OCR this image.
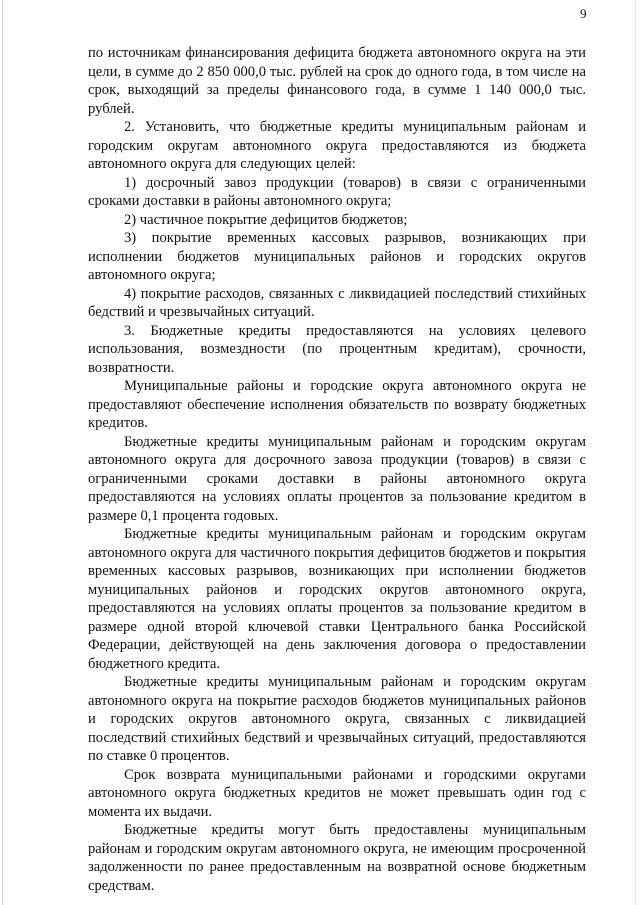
9

по источникам финансирования дефицита бюджета автономного округа на эти цели, в сумме до 2 850 000,0 тыс. рублей на срок до одного года, в том числе на срок, выходящий за пределы финансового года, в сумме 1 140 000,0 тыс. рублей.

2. Установить, что бюджетные кредиты муниципальным районам и городским округам автономного округа предоставляются из бюджета автономного округа для следующих целей:

1) досрочный завоз продукции (товаров) в связи с ограниченными сроками доставки в районы автономного округа;

2) частичное покрытие дефицитов бюджетов;

3) покрытие временных кассовых разрывов, возникающих при исполнении бюджетов муниципальных районов и городских округов автономного округа;

4) покрытие расходов, связанных с ликвидацией последствий стихийных бедствий и чрезвычайных ситуаций.

3. Бюджетные кредиты предоставляются на условиях целевого использования, возмездности (по процентным кредитам), срочности, возвратности.

Муниципальные районы и городские округа автономного округа не предоставляют обеспечение исполнения обязательств по возврату бюджетных кредитов.

Бюджетные кредиты муниципальным районам и городским округам автономного округа для досрочного завоза продукции (товаров) в связи с ограниченными сроками доставки в районы автономного округа предоставляются на условиях оплаты процентов за пользование кредитом в размере 0,1 процента годовых.

Бюджетные кредиты муниципальным районам и городским округам автономного округа для частичного покрытия дефицитов бюджетов и покрытия временных кассовых разрывов, возникающих при исполнении бюджетов муниципальных районов и городских округов автономного округа, предоставляются на условиях оплаты процентов за пользование кредитом в размере одной второй ключевой ставки Центрального банка Российской Федерации, действующей на день заключения договора о предоставлении бюджетного кредита.

Бюджетные кредиты муниципальным районам и городским округам автономного округа на покрытие расходов бюджетов муниципальных районов и городских округов автономного округа, связанных с ликвидацией последствий стихийных бедствий и чрезвычайных ситуаций, предоставляются по ставке 0 процентов.

Срок возврата муниципальными районами и городскими округами автономного округа бюджетных кредитов не может превышать один год с момента их выдачи.

Бюджетные кредиты могут быть предоставлены муниципальным районам и городским округам автономного округа, не имеющим просроченной задолженности по ранее предоставленным на возвратной основе бюджетным средствам.
